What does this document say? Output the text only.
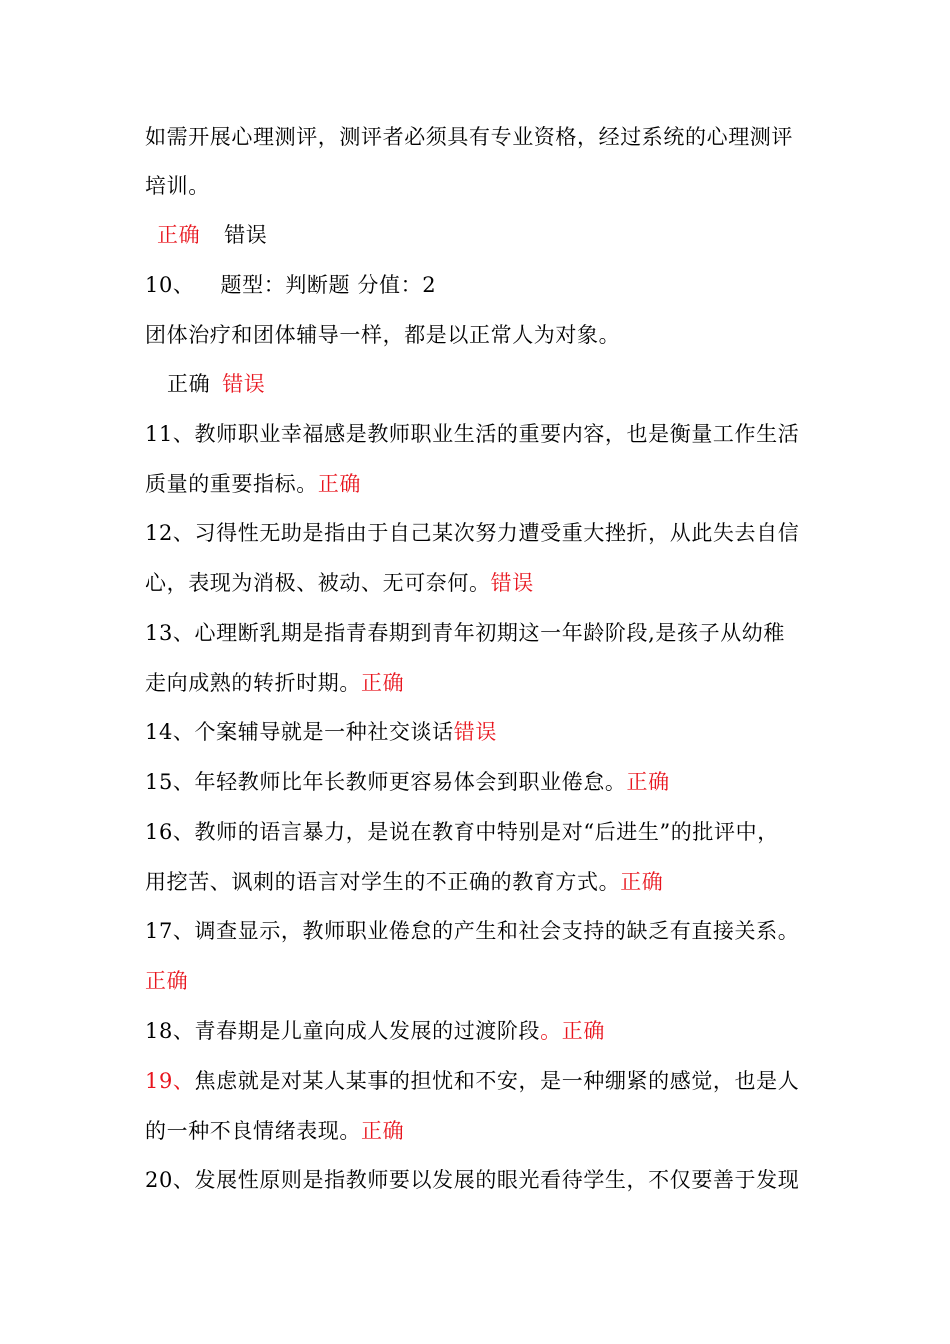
如需开展心理测评，测评者必须具有专业资格，经过系统的心理测评
培训。
正确 错误
10、 题型：判断题 分值：2
团体治疗和团体辅导一样，都是以正常人为对象。
正确 错误
11、教师职业幸福感是教师职业生活的重要内容，也是衡量工作生活
质量的重要指标。正确
12、习得性无助是指由于自己某次努力遭受重大挫折，从此失去自信
心，表现为消极、被动、无可奈何。错误
13、心理断乳期是指青春期到青年初期这一年龄阶段,是孩子从幼稚
走向成熟的转折时期。正确
14、个案辅导就是一种社交谈话错误
15、年轻教师比年长教师更容易体会到职业倦怠。正确
16、教师的语言暴力，是说在教育中特别是对“后进生”的批评中，
用挖苦、讽刺的语言对学生的不正确的教育方式。正确
17、调查显示，教师职业倦怠的产生和社会支持的缺乏有直接关系。
正确
18、青春期是儿童向成人发展的过渡阶段。正确
19、焦虑就是对某人某事的担忧和不安，是一种绷紧的感觉，也是人
的一种不良情绪表现。正确
20、发展性原则是指教师要以发展的眼光看待学生，不仅要善于发现
